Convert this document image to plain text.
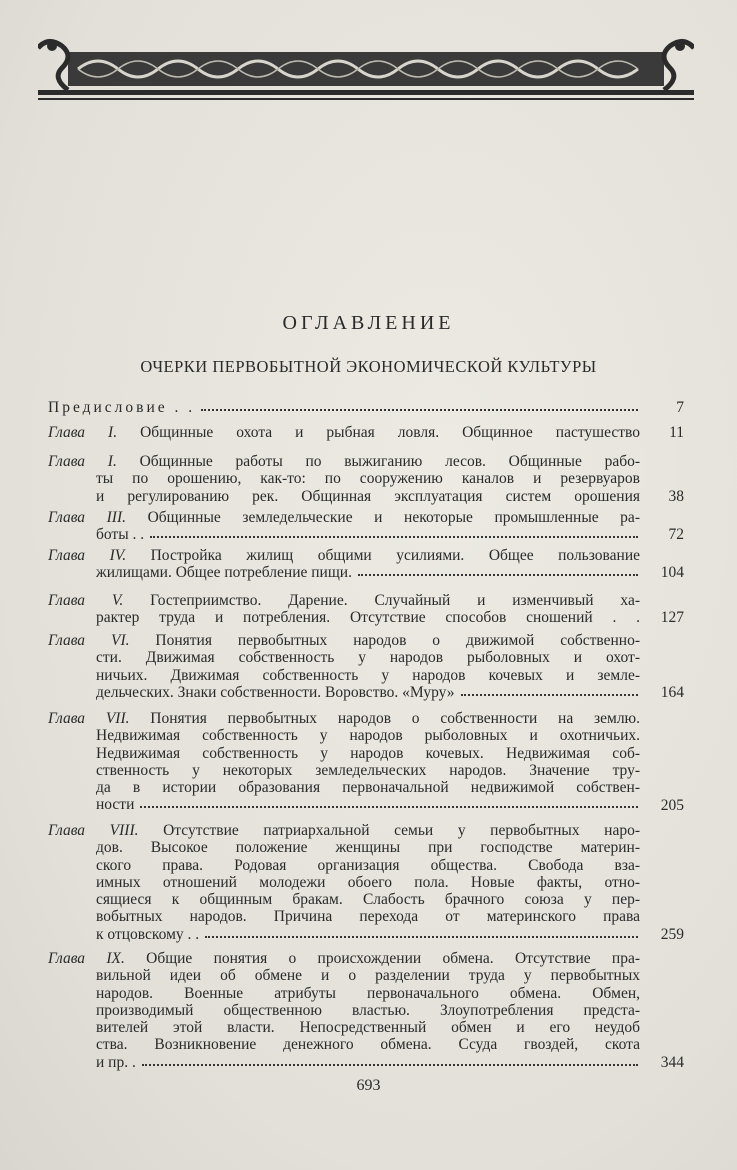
ОГЛАВЛЕНИЕ
ОЧЕРКИ ПЕРВОБЫТНОЙ ЭКОНОМИЧЕСКОЙ КУЛЬТУРЫ
Предисловие . .	7
Глава I. Общинные охота и рыбная ловля. Общинное пастушество 11
Глава I. Общинные работы по выжиганию лесов. Общинные рабо-
ты по орошению, как-то: по сооружению каналов и резервуаров
и регулированию рек. Общинная эксплуатация систем орошения 38
Глава III. Общинные земледельческие и некоторые промышленные ра-
боты . .	72
Глава IV. Постройка жилищ общими усилиями. Общее пользование
жилищами. Общее потребление пищи.	104
Глава V. Гостеприимство. Дарение. Случайный и изменчивый ха-
рактер труда и потребления. Отсутствие способов сношений . . 127
Глава VI. Понятия первобытных народов о движимой собственно-
сти. Движимая собственность у народов рыболовных и охот-
ничьих. Движимая собственность у народов кочевых и земле-
дельческих. Знаки собственности. Воровство. «Муру»	164
Глава VII. Понятия первобытных народов о собственности на землю.
Недвижимая собственность у народов рыболовных и охотничьих.
Недвижимая собственность у народов кочевых. Недвижимая соб-
ственность у некоторых земледельческих народов. Значение тру-
да в истории образования первоначальной недвижимой собствен-
ности	205
Глава VIII. Отсутствие патриархальной семьи у первобытных наро-
дов. Высокое положение женщины при господстве материн-
ского права. Родовая организация общества. Свобода вза-
имных отношений молодежи обоего пола. Новые факты, отно-
сящиеся к общинным бракам. Слабость брачного союза у пер-
вобытных народов. Причина перехода от материнского права
к отцовскому . .	259
Глава IX. Общие понятия о происхождении обмена. Отсутствие пра-
вильной идеи об обмене и о разделении труда у первобытных
народов. Военные атрибуты первоначального обмена. Обмен,
производимый общественною властью. Злоупотребления предста-
вителей этой власти. Непосредственный обмен и его неудоб
ства. Возникновение денежного обмена. Ссуда гвоздей, скота
и пр. .	344
693
